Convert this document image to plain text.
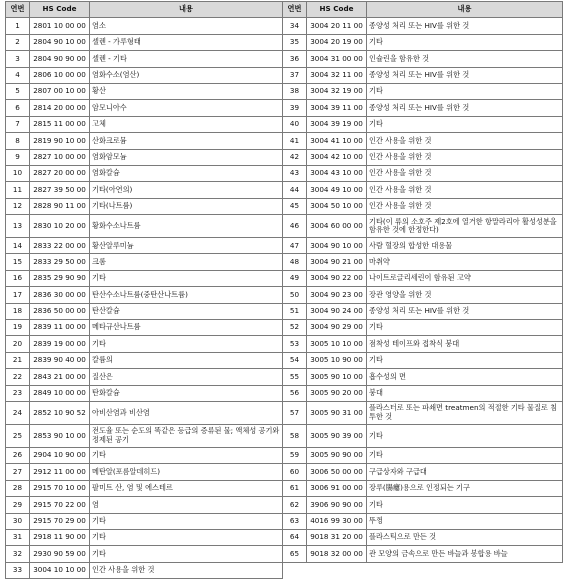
연번	HS Code	내용	연번	HS Code	내용
1	2801 10 00 00	염소	34	3004 20 11 00	종양성 처리 또는 HIV를 위한 것
2	2804 90 10 00	셀렌 - 가루형태	35	3004 20 19 00	기타
3	2804 90 90 00	셀렌 - 기타	36	3004 31 00 00	인슐린을 함유한 것
4	2806 10 00 00	염화수소(염산)	37	3004 32 11 00	종양성 처리 또는 HIV를 위한 것
5	2807 00 10 00	황산	38	3004 32 19 00	기타
6	2814 20 00 00	암모니아수	39	3004 39 11 00	종양성 처리 또는 HIV를 위한 것
7	2815 11 00 00	고체	40	3004 39 19 00	기타
8	2819 90 10 00	산화크로뮴	41	3004 41 10 00	인간 사용을 위한 것
9	2827 10 00 00	염화암모늄	42	3004 42 10 00	인간 사용을 위한 것
10	2827 20 00 00	염화칼슘	43	3004 43 10 00	인간 사용을 위한 것
11	2827 39 50 00	기타(아연의)	44	3004 49 10 00	인간 사용을 위한 것
12	2828 90 11 00	기타(나트륨)	45	3004 50 10 00	인간 사용을 위한 것
13	2830 10 20 00	황화수소나트륨	46	3004 60 00 00	기타(이 류의 소호주 제2호에 열거한 항말라리아 활성성분을 함유한 것에 한정한다)
14	2833 22 00 00	황산알루미늄	47	3004 90 10 00	사람 혈장의 합성한 대용물
15	2833 29 50 00	크롬	48	3004 90 21 00	마취약
16	2835 29 90 90	기타	49	3004 90 22 00	나이트로글리세린이 함유된 고약
17	2836 30 00 00	탄산수소나트륨(중탄산나트륨)	50	3004 90 23 00	장관 영양을 위한 것
18	2836 50 00 00	탄산칼슘	51	3004 90 24 00	종양성 처리 또는 HIV를 위한 것
19	2839 11 00 00	메타규산나트륨	52	3004 90 29 00	기타
20	2839 19 00 00	기타	53	3005 10 10 00	점착성 테이프와 접착식 붕대
21	2839 90 40 00	칼륨의	54	3005 10 90 00	기타
22	2843 21 00 00	질산은	55	3005 90 10 00	흡수성의 면
23	2849 10 00 00	탄화칼슘	56	3005 90 20 00	붕대
24	2852 10 90 52	아비산염과 비산염	57	3005 90 31 00	플라스터로 또는 파쇄면 treatmen의 적절한 기타 물질로 침투한 것
25	2853 90 10 00	전도율 또는 순도의 똑같은 등급의 증류된 물; 액체성 공기와 정제된 공기	58	3005 90 39 00	기타
26	2904 10 90 00	기타	59	3005 90 90 00	기타
27	2912 11 00 00	메탄알(포름알데히드)	60	3006 50 00 00	구급상자와 구급대
28	2915 70 10 00	팔미트 산, 염 및 에스테르	61	3006 91 00 00	장루(腸瘻)용으로 인정되는 기구
29	2915 70 22 00	염	62	3906 90 90 00	기타
30	2915 70 29 00	기타	63	4016 99 30 00	뚜껑
31	2918 11 90 00	기타	64	9018 31 20 00	플라스틱으로 만든 것
32	2930 90 59 00	기타	65	9018 32 00 00	관 모양의 금속으로 만든 바늘과 봉합용 바늘
33	3004 10 10 00	인간 사용을 위한 것			
